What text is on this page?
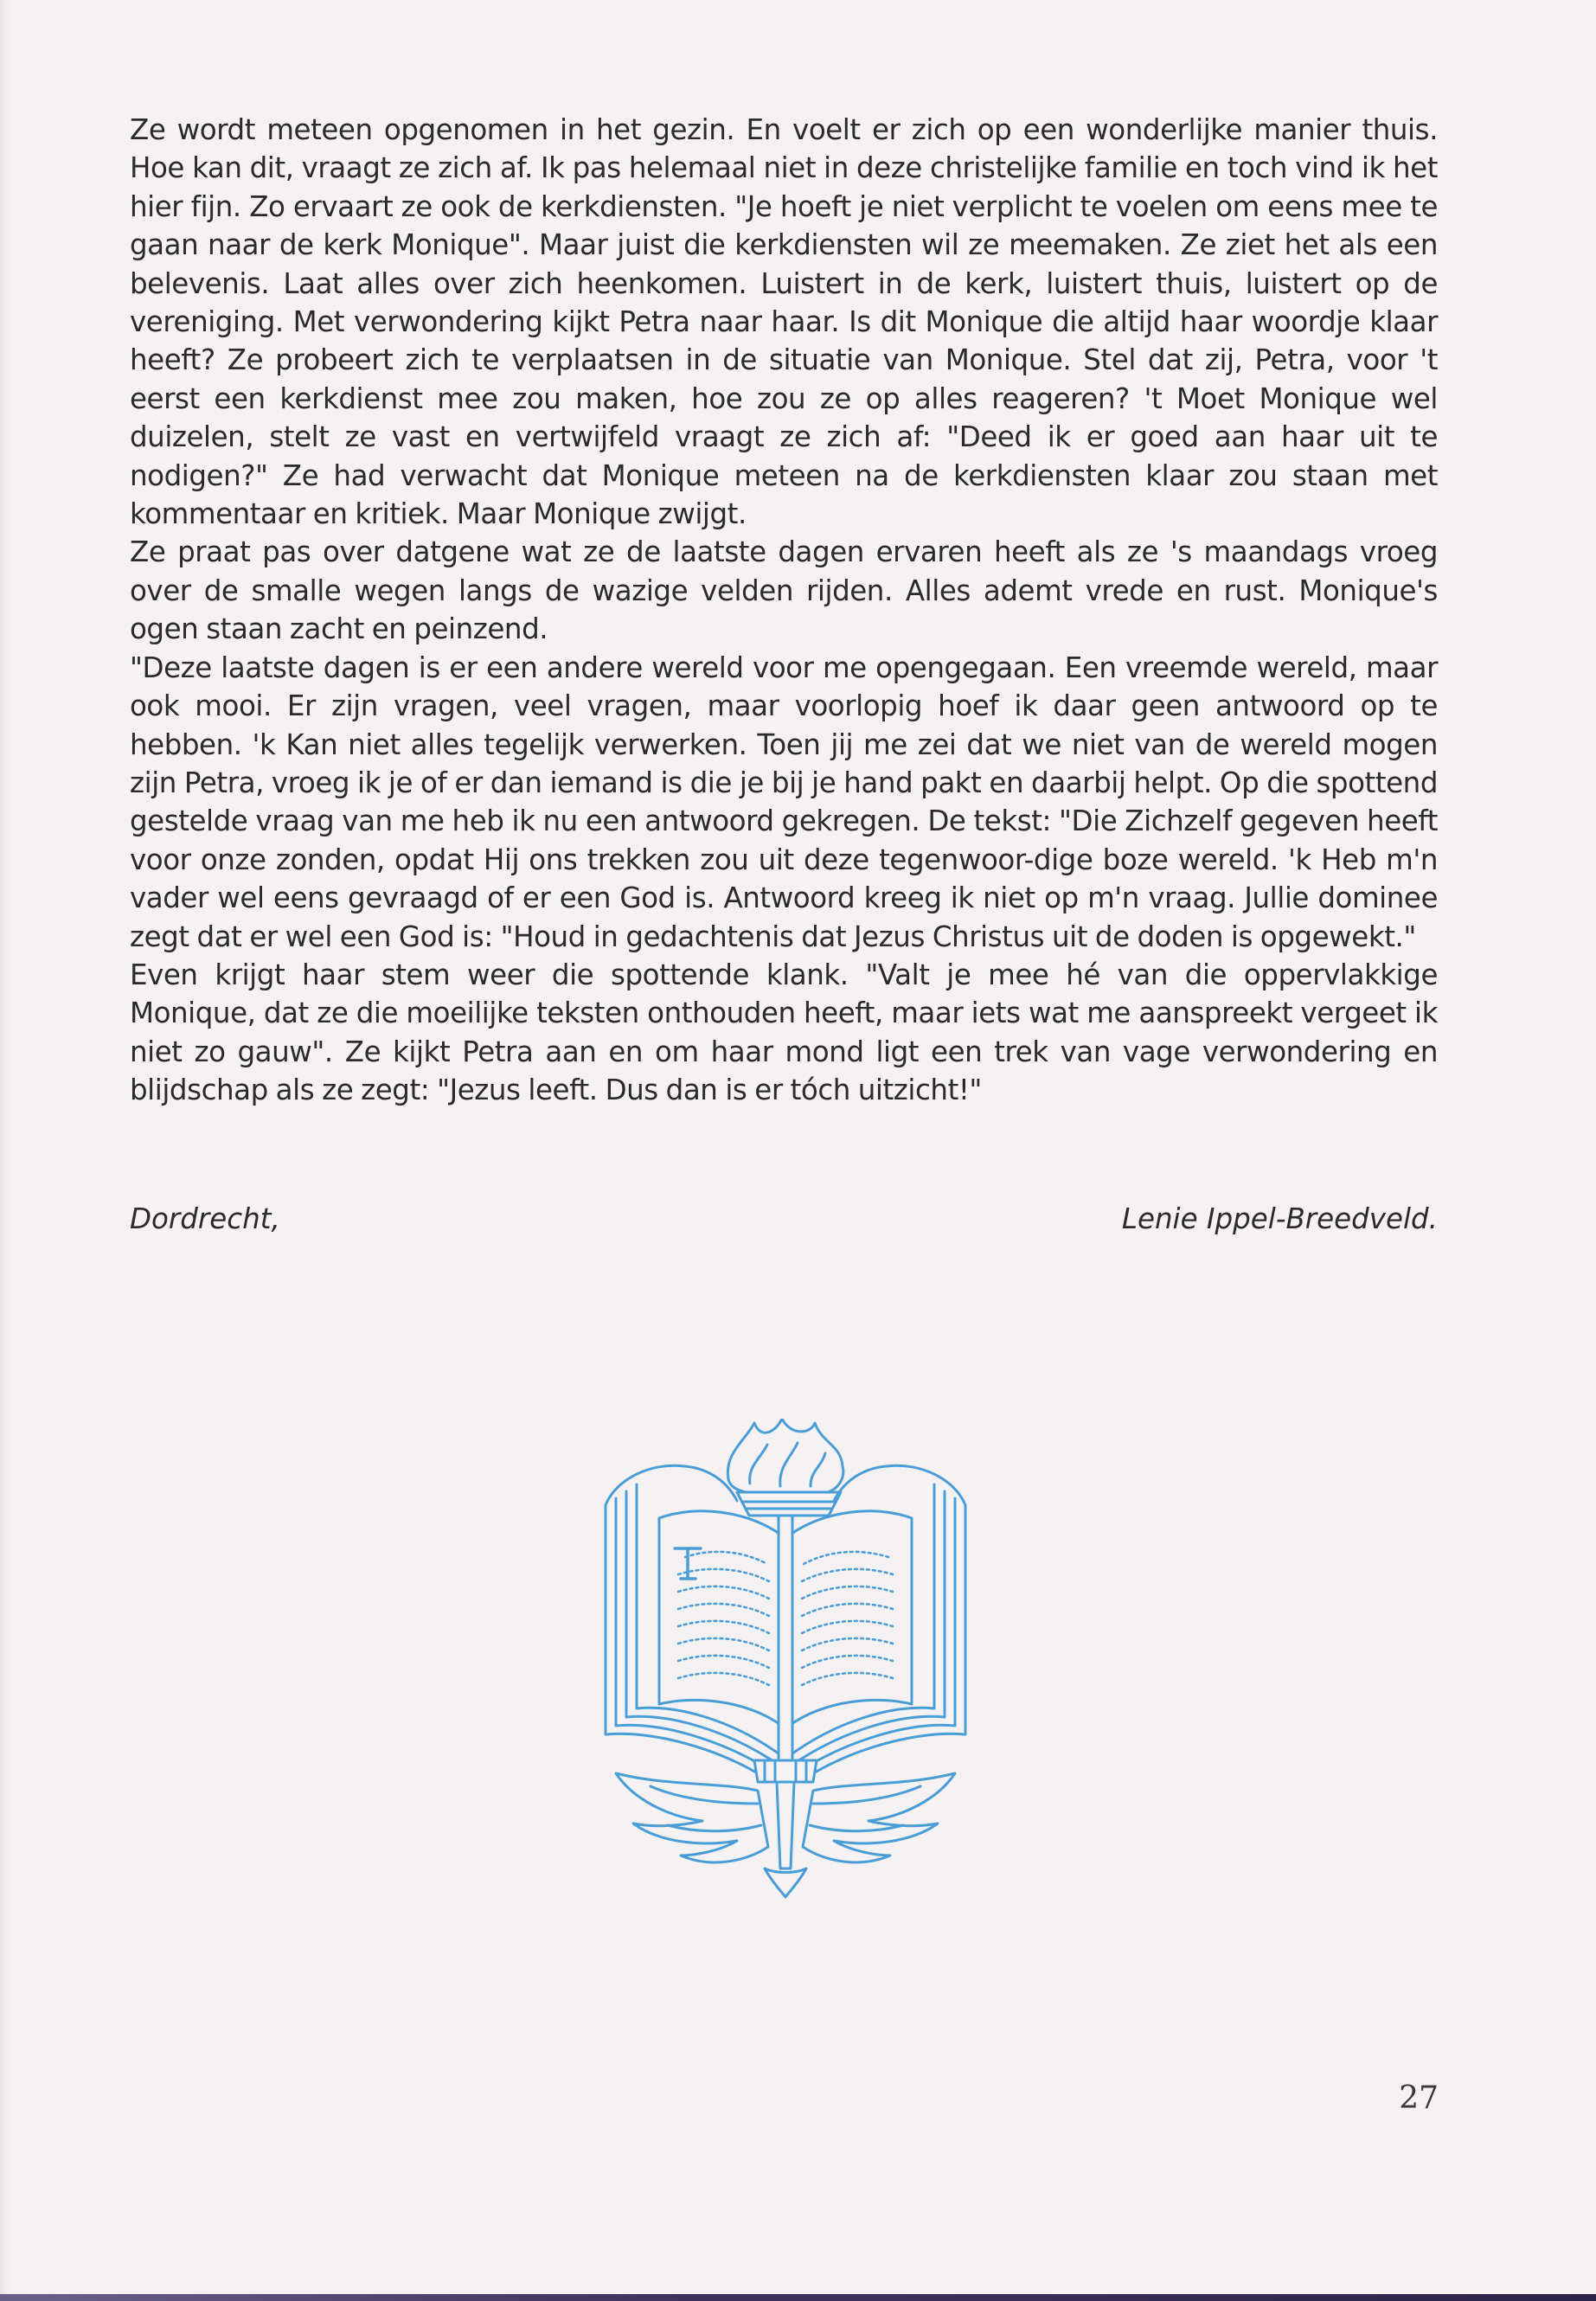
Ze wordt meteen opgenomen in het gezin. En voelt er zich op een wonderlijke manier thuis. Hoe kan dit, vraagt ze zich af. Ik pas helemaal niet in deze christelijke familie en toch vind ik het hier fijn. Zo ervaart ze ook de kerkdiensten. "Je hoeft je niet verplicht te voelen om eens mee te gaan naar de kerk Monique". Maar juist die kerkdiensten wil ze meemaken. Ze ziet het als een belevenis. Laat alles over zich heenkomen. Luistert in de kerk, luistert thuis, luistert op de vereniging. Met verwondering kijkt Petra naar haar. Is dit Monique die altijd haar woordje klaar heeft? Ze probeert zich te verplaatsen in de situatie van Monique. Stel dat zij, Petra, voor 't eerst een kerkdienst mee zou maken, hoe zou ze op alles reageren? 't Moet Monique wel duizelen, stelt ze vast en vertwijfeld vraagt ze zich af: "Deed ik er goed aan haar uit te nodigen?" Ze had verwacht dat Monique meteen na de kerkdiensten klaar zou staan met kommentaar en kritiek. Maar Monique zwijgt.

Ze praat pas over datgene wat ze de laatste dagen ervaren heeft als ze 's maandags vroeg over de smalle wegen langs de wazige velden rijden. Alles ademt vrede en rust. Monique's ogen staan zacht en peinzend.

"Deze laatste dagen is er een andere wereld voor me opengegaan. Een vreemde wereld, maar ook mooi. Er zijn vragen, veel vragen, maar voorlopig hoef ik daar geen antwoord op te hebben. 'k Kan niet alles tegelijk verwerken. Toen jij me zei dat we niet van de wereld mogen zijn Petra, vroeg ik je of er dan iemand is die je bij je hand pakt en daarbij helpt. Op die spottend gestelde vraag van me heb ik nu een antwoord gekregen. De tekst: "Die Zichzelf gegeven heeft voor onze zonden, opdat Hij ons trekken zou uit deze tegenwoor-dige boze wereld. 'k Heb m'n vader wel eens gevraagd of er een God is. Antwoord kreeg ik niet op m'n vraag. Jullie dominee zegt dat er wel een God is: "Houd in gedachtenis dat Jezus Christus uit de doden is opgewekt."

Even krijgt haar stem weer die spottende klank. "Valt je mee hé van die oppervlakkige Monique, dat ze die moeilijke teksten onthouden heeft, maar iets wat me aanspreekt vergeet ik niet zo gauw". Ze kijkt Petra aan en om haar mond ligt een trek van vage verwondering en blijdschap als ze zegt: "Jezus leeft. Dus dan is er tóch uitzicht!"

Dordrecht,	Lenie Ippel-Breedveld.
27
